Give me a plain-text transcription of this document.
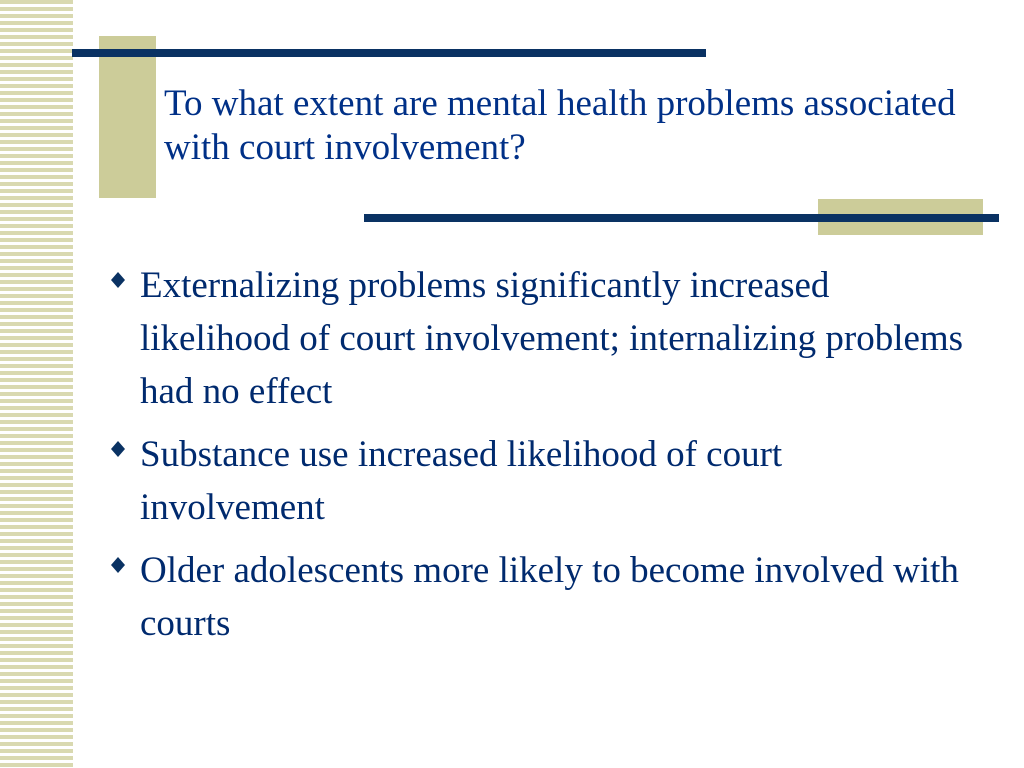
To what extent are mental health problems associated with court involvement?
Externalizing problems significantly increased likelihood of court involvement; internalizing problems had no effect
Substance use increased likelihood of court involvement
Older adolescents more likely to become involved with courts
